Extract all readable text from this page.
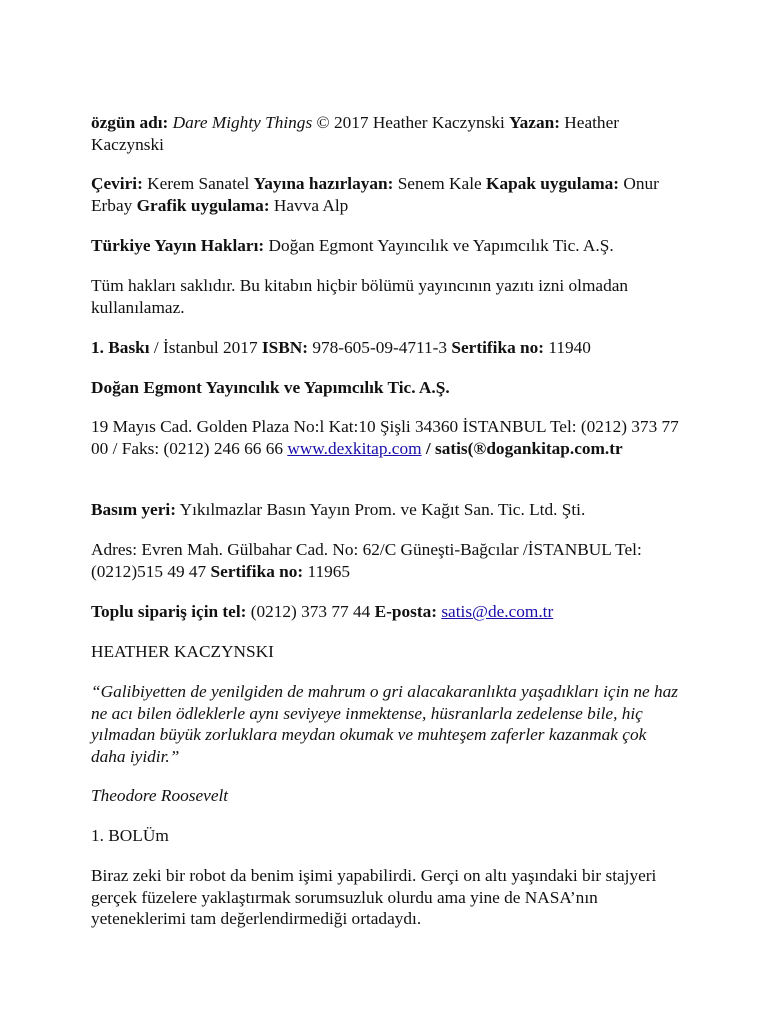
özgün adı: Dare Mighty Things © 2017 Heather Kaczynski Yazan: Heather Kaczynski

Çeviri: Kerem Sanatel Yayına hazırlayan: Senem Kale Kapak uygulama: Onur Erbay Grafik uygulama: Havva Alp

Türkiye Yayın Hakları: Doğan Egmont Yayıncılık ve Yapımcılık Tic. A.Ş.

Tüm hakları saklıdır. Bu kitabın hiçbir bölümü yayıncının yazıtı izni olmadan kullanılamaz.

1. Baskı / İstanbul 2017 ISBN: 978-605-09-4711-3 Sertifika no: 11940

Doğan Egmont Yayıncılık ve Yapımcılık Tic. A.Ş.

19 Mayıs Cad. Golden Plaza No:l Kat:10 Şişli 34360 İSTANBUL Tel: (0212) 373 77 00 / Faks: (0212) 246 66 66 www.dexkitap.com / satis(®dogankitap.com.tr

Basım yeri: Yıkılmazlar Basın Yayın Prom. ve Kağıt San. Tic. Ltd. Şti.

Adres: Evren Mah. Gülbahar Cad. No: 62/C Güneşti-Bağcılar /İSTANBUL Tel: (0212)515 49 47 Sertifika no: 11965

Toplu sipariş için tel: (0212) 373 77 44 E-posta: satis@de.com.tr

HEATHER KACZYNSKI

“Galibiyetten de yenilgiden de mahrum o gri alacakaranlıkta yaşadıkları için ne haz ne acı bilen ödleklerle aynı seviyeye inmektense, hüsranlarla zedelense bile, hiç yılmadan büyük zorluklara meydan okumak ve muhteşem zaferler kazanmak çok daha iyidir.”

Theodore Roosevelt

1. BOLÜm

Biraz zeki bir robot da benim işimi yapabilirdi. Gerçi on altı yaşındaki bir stajyeri gerçek füzelere yaklaştırmak sorumsuzluk olurdu ama yine de NASA’nın yeteneklerimi tam değerlendirmediği ortadaydı.
